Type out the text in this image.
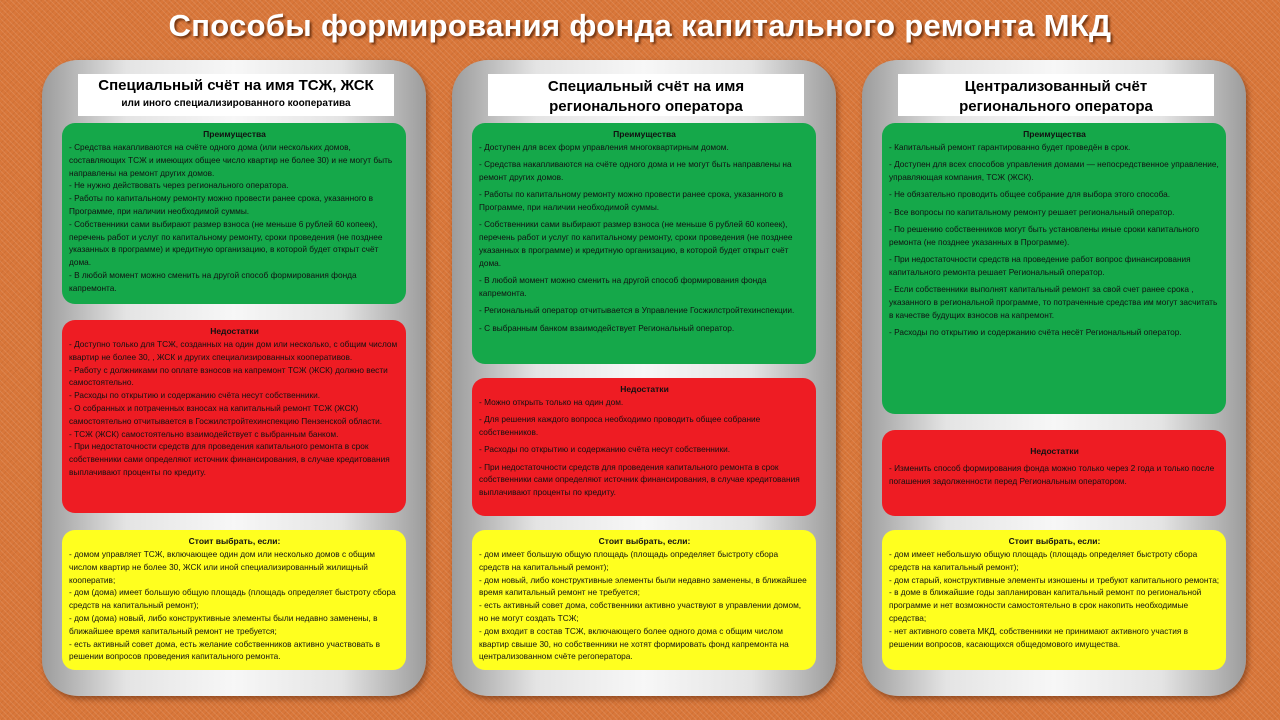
Способы формирования фонда капитального ремонта МКД
Специальный счёт на имя ТСЖ, ЖСК
или иного специализированного кооператива
Преимущества

- Средства накапливаются на счёте одного дома (или нескольких домов, составляющих ТСЖ и имеющих общее число квартир не более 30) и не могут быть направлены на ремонт других домов.

- Не нужно действовать через регионального оператора.

- Работы по капитальному ремонту можно провести ранее срока, указанного в Программе, при наличии необходимой суммы.

- Собственники сами выбирают размер взноса (не меньше 6 рублей 60 копеек), перечень работ и услуг по капитальному ремонту, сроки проведения (не позднее указанных в программе) и кредитную организацию, в которой будет открыт счёт дома.

- В любой момент можно сменить на другой способ формирования фонда капремонта.

Недостатки

- Доступно только для ТСЖ, созданных на один дом или несколько, с общим числом квартир не более 30, , ЖСК и других специализированных кооперативов.

- Работу с должниками по оплате взносов на капремонт ТСЖ (ЖСК) должно вести самостоятельно.

- Расходы по открытию и содержанию счёта несут собственники.

- О собранных и потраченных взносах на капитальный ремонт ТСЖ (ЖСК) самостоятельно отчитывается в Госжилстройтехинспекцию Пензенской области.

- ТСЖ (ЖСК) самостоятельно взаимодействует с выбранным банком.

- При недостаточности средств для проведения капитального ремонта в срок собственники сами определяют источник финансирования, в случае кредитования выплачивают проценты по кредиту.

Стоит выбрать, если:

- домом управляет ТСЖ, включающее один дом или несколько домов с общим числом квартир не более 30, ЖСК или иной специализированный жилищный кооператив;

- дом (дома) имеет большую общую площадь (площадь определяет быстроту сбора средств на капитальный ремонт);

- дом (дома) новый, либо конструктивные элементы были недавно заменены, в ближайшее время капитальный ремонт не требуется;

- есть активный совет дома, есть желание собственников активно участвовать в решении вопросов проведения капитального ремонта.

Специальный счёт на имя
регионального оператора
Преимущества

- Доступен для всех форм управления многоквартирным домом.

- Средства накапливаются на счёте одного дома и не могут быть направлены на ремонт других домов.

- Работы по капитальному ремонту можно провести ранее срока, указанного в Программе, при наличии необходимой суммы.

- Собственники сами выбирают размер взноса (не меньше 6 рублей 60 копеек), перечень работ и услуг по капитальному ремонту, сроки проведения (не позднее указанных в программе) и кредитную организацию, в которой будет открыт счёт дома.

- В любой момент можно сменить на другой способ формирования фонда капремонта.

- Региональный оператор отчитывается в Управление Госжилстройтехинспекции.

- С выбранным банком взаимодействует Региональный оператор.

Недостатки

- Можно открыть только на один дом.

- Для решения каждого вопроса необходимо проводить общее собрание собственников.

- Расходы по открытию и содержанию счёта несут собственники.

- При недостаточности средств для проведения капитального ремонта в срок собственники сами определяют источник финансирования, в случае кредитования выплачивают проценты по кредиту.

Стоит выбрать, если:

- дом имеет большую общую площадь (площадь определяет быстроту сбора средств на капитальный ремонт);

- дом новый, либо конструктивные элементы были недавно заменены, в ближайшее время капитальный ремонт не требуется;

- есть активный совет дома, собственники активно участвуют в управлении домом, но не могут создать ТСЖ;

- дом входит в состав ТСЖ, включающего более одного дома с общим числом квартир свыше 30, но собственники не хотят формировать фонд капремонта на централизованном счёте регоператора.

Централизованный счёт
регионального оператора
Преимущества

- Капитальный ремонт гарантированно будет проведён в срок.

- Доступен для всех способов управления домами — непосредственное управление, управляющая компания, ТСЖ (ЖСК).

- Не обязательно проводить общее собрание для выбора этого способа.

- Все вопросы по капитальному ремонту решает региональный оператор.

- По решению собственников могут быть установлены иные сроки капитального ремонта (не позднее указанных в Программе).

- При недостаточности средств на проведение работ вопрос финансирования капитального ремонта решает Региональный оператор.

- Если собственники выполнят капитальный ремонт за свой счет ранее срока , указанного в региональной программе, то потраченные средства им могут засчитать в качестве будущих взносов на капремонт.

- Расходы по открытию и содержанию счёта несёт Региональный оператор.

Недостатки

- Изменить способ формирования фонда можно только через 2 года и только после погашения задолженности перед Региональным оператором.

Стоит выбрать, если:

- дом имеет небольшую общую площадь (площадь определяет быстроту сбора средств на капитальный ремонт);

- дом старый, конструктивные элементы изношены и требуют капитального ремонта;

- в доме в ближайшие годы запланирован капитальный ремонт по региональной программе и нет возможности самостоятельно в срок накопить необходимые средства;

- нет активного совета МКД, собственники не принимают активного участия в решении вопросов, касающихся общедомового имущества.
